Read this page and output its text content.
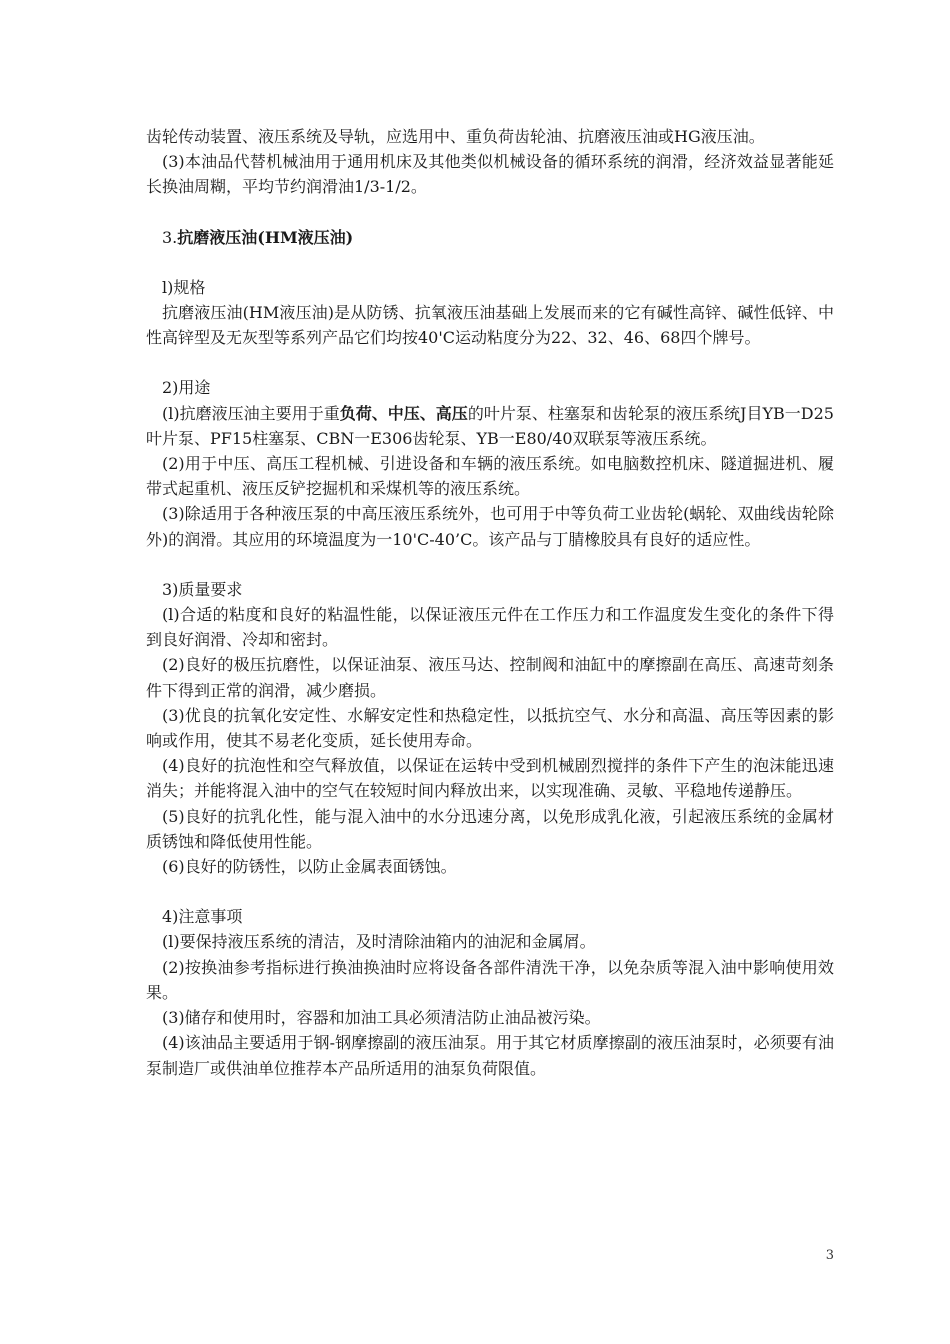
齿轮传动装置、液压系统及导轨，应选用中、重负荷齿轮油、抗磨液压油或HG液压油。

(3)本油品代替机械油用于通用机床及其他类似机械设备的循环系统的润滑，经济效益显著能延长换油周糊，平均节约润滑油1/3-1/2。

3.抗磨液压油(HM液压油)

l)规格

抗磨液压油(HM液压油)是从防锈、抗氧液压油基础上发展而来的它有碱性高锌、碱性低锌、中性高锌型及无灰型等系列产品它们均按40'C运动粘度分为22、32、46、68四个牌号。

2)用途

(l)抗磨液压油主要用于重负荷、中压、高压的叶片泵、柱塞泵和齿轮泵的液压系统J目YB一D25叶片泵、PF15柱塞泵、CBN一E306齿轮泵、YB一E80/40双联泵等液压系统。

(2)用于中压、高压工程机械、引进设备和车辆的液压系统。如电脑数控机床、隧道掘进机、履带式起重机、液压反铲挖掘机和采煤机等的液压系统。

(3)除适用于各种液压泵的中高压液压系统外，也可用于中等负荷工业齿轮(蜗轮、双曲线齿轮除外)的润滑。其应用的环境温度为一10'C-40’C。该产品与丁腈橡胶具有良好的适应性。

3)质量要求

(l)合适的粘度和良好的粘温性能，以保证液压元件在工作压力和工作温度发生变化的条件下得到良好润滑、冷却和密封。

(2)良好的极压抗磨性，以保证油泵、液压马达、控制阀和油缸中的摩擦副在高压、高速苛刻条件下得到正常的润滑，减少磨损。

(3)优良的抗氧化安定性、水解安定性和热稳定性，以抵抗空气、水分和高温、高压等因素的影响或作用，使其不易老化变质，延长使用寿命。

(4)良好的抗泡性和空气释放值，以保证在运转中受到机械剧烈搅拌的条件下产生的泡沫能迅速消失；并能将混入油中的空气在较短时间内释放出来，以实现准确、灵敏、平稳地传递静压。

(5)良好的抗乳化性，能与混入油中的水分迅速分离，以免形成乳化液，引起液压系统的金属材质锈蚀和降低使用性能。

(6)良好的防锈性，以防止金属表面锈蚀。

4)注意事项

(l)要保持液压系统的清洁，及时清除油箱内的油泥和金属屑。

(2)按换油参考指标进行换油换油时应将设备各部件清洗干净，以免杂质等混入油中影响使用效果。

(3)储存和使用时，容器和加油工具必须清洁防止油品被污染。

(4)该油品主要适用于钢-钢摩擦副的液压油泵。用于其它材质摩擦副的液压油泵时，必须要有油泵制造厂或供油单位推荐本产品所适用的油泵负荷限值。

3
